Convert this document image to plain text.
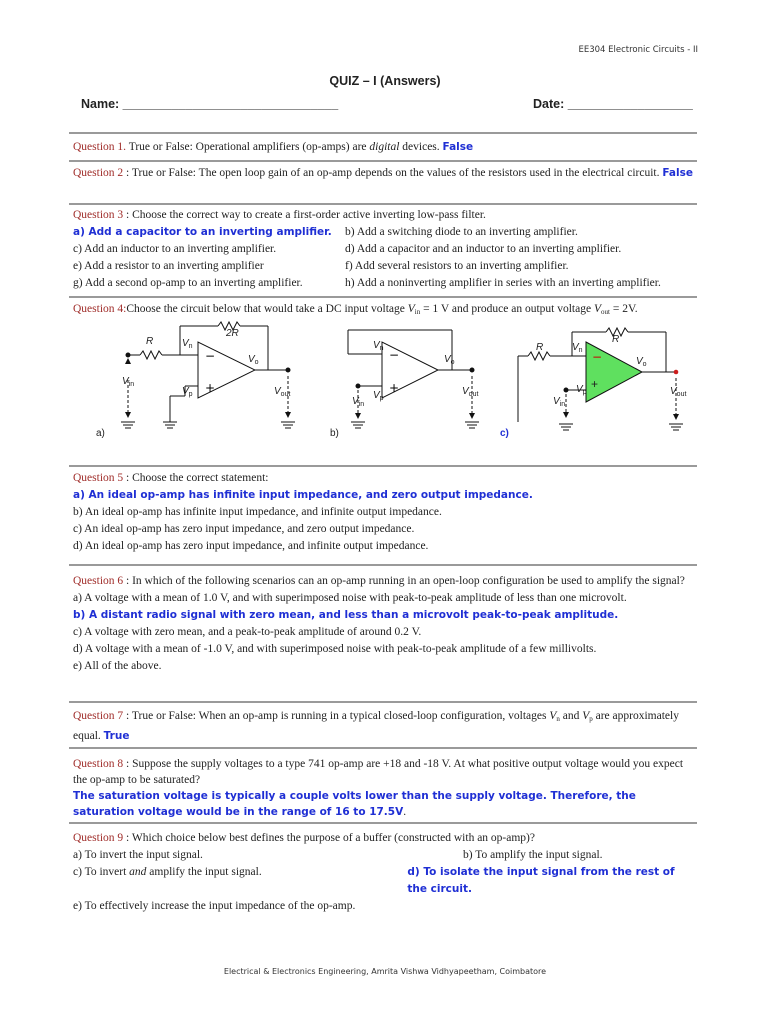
EE304 Electronic Circuits - II
QUIZ – I (Answers)
Name: _______________________________	Date: __________________
Question 1. True or False: Operational amplifiers (op-amps) are digital devices. False
Question 2 : True or False: The open loop gain of an op-amp depends on the values of the resistors used in the electrical circuit. False
Question 3 : Choose the correct way to create a first-order active inverting low-pass filter.
a) Add a capacitor to an inverting amplifier.	b) Add a switching diode to an inverting amplifier.
c) Add an inductor to an inverting amplifier.	d) Add a capacitor and an inductor to an inverting amplifier.
e) Add a resistor to an inverting amplifier	f) Add several resistors to an inverting amplifier.
g) Add a second op-amp to an inverting amplifier.	h) Add a noninverting amplifier in series with an inverting amplifier.
Question 4:Choose the circuit below that would take a DC input voltage $V_{in} = 1$ V and produce an output voltage $V_{out} = 2V$.
−
+
R
2R
$V_n$
$V_p$
$V_o$
$V_{in}$
$V_{out}$
a)
−
+
$V_n$
$V_p$
$V_o$
$V_{in}$
$V_{out}$
b)
−
+
R
R
$V_n$
$V_p$
$V_o$
$V_{in}$
$V_{out}$
c)
Question 5 : Choose the correct statement:
a) An ideal op-amp has infinite input impedance, and zero output impedance.
b) An ideal op-amp has infinite input impedance, and infinite output impedance.
c) An ideal op-amp has zero input impedance, and zero output impedance.
d) An ideal op-amp has zero input impedance, and infinite output impedance.
Question 6 : In which of the following scenarios can an op-amp running in an open-loop configuration be used to amplify the signal?
a) A voltage with a mean of 1.0 V, and with superimposed noise with peak-to-peak amplitude of less than one microvolt.
b) A distant radio signal with zero mean, and less than a microvolt peak-to-peak amplitude.
c) A voltage with zero mean, and a peak-to-peak amplitude of around 0.2 V.
d) A voltage with a mean of -1.0 V, and with superimposed noise with peak-to-peak amplitude of a few millivolts.
e) All of the above.
Question 7 : True or False: When an op-amp is running in a typical closed-loop configuration, voltages $V_n$ and $V_p$ are approximately equal. True
Question 8 : Suppose the supply voltages to a type 741 op-amp are +18 and -18 V. At what positive output voltage would you expect the op-amp to be saturated?
The saturation voltage is typically a couple volts lower than the supply voltage. Therefore, the saturation voltage would be in the range of 16 to 17.5V.
Question 9 : Which choice below best defines the purpose of a buffer (constructed with an op-amp)?
a) To invert the input signal.	b) To amplify the input signal.
c) To invert and amplify the input signal.	d) To isolate the input signal from the rest of the circuit.
e) To effectively increase the input impedance of the op-amp.
Electrical & Electronics Engineering, Amrita Vishwa Vidhyapeetham, Coimbatore
